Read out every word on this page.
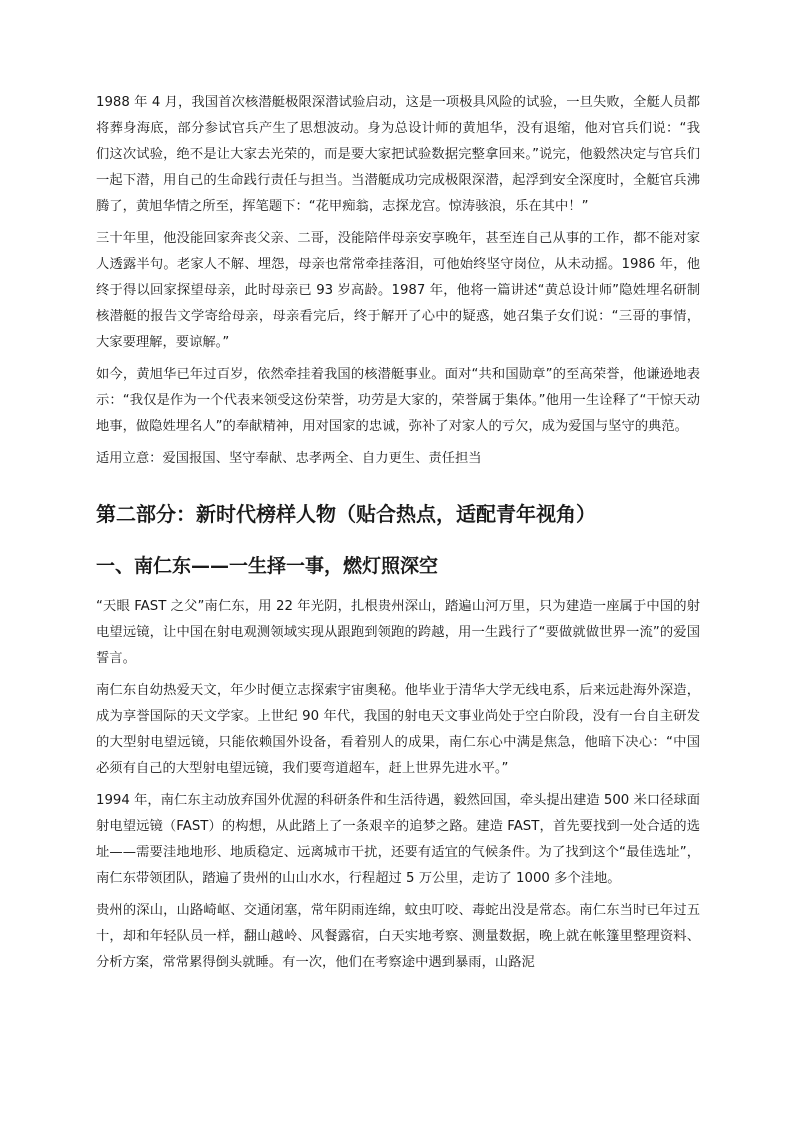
1988 年 4 月，我国首次核潜艇极限深潜试验启动，这是一项极具风险的试验，一旦失败，全艇人员都将葬身海底，部分参试官兵产生了思想波动。身为总设计师的黄旭华，没有退缩，他对官兵们说：“我们这次试验，绝不是让大家去光荣的，而是要大家把试验数据完整拿回来。”说完，他毅然决定与官兵们一起下潜，用自己的生命践行责任与担当。当潜艇成功完成极限深潜，起浮到安全深度时，全艇官兵沸腾了，黄旭华情之所至，挥笔题下：“花甲痴翁，志探龙宫。惊涛骇浪，乐在其中！”

三十年里，他没能回家奔丧父亲、二哥，没能陪伴母亲安享晚年，甚至连自己从事的工作，都不能对家人透露半句。老家人不解、埋怨，母亲也常常牵挂落泪，可他始终坚守岗位，从未动摇。1986 年，他终于得以回家探望母亲，此时母亲已 93 岁高龄。1987 年，他将一篇讲述“黄总设计师”隐姓埋名研制核潜艇的报告文学寄给母亲，母亲看完后，终于解开了心中的疑惑，她召集子女们说：“三哥的事情，大家要理解，要谅解。”

如今，黄旭华已年过百岁，依然牵挂着我国的核潜艇事业。面对“共和国勋章”的至高荣誉，他谦逊地表示：“我仅是作为一个代表来领受这份荣誉，功劳是大家的，荣誉属于集体。”他用一生诠释了“干惊天动地事，做隐姓埋名人”的奉献精神，用对国家的忠诚，弥补了对家人的亏欠，成为爱国与坚守的典范。

适用立意：爱国报国、坚守奉献、忠孝两全、自力更生、责任担当

第二部分：新时代榜样人物（贴合热点，适配青年视角）
一、南仁东——一生择一事，燃灯照深空

“天眼 FAST 之父”南仁东，用 22 年光阴，扎根贵州深山，踏遍山河万里，只为建造一座属于中国的射电望远镜，让中国在射电观测领域实现从跟跑到领跑的跨越，用一生践行了“要做就做世界一流”的爱国誓言。

南仁东自幼热爱天文，年少时便立志探索宇宙奥秘。他毕业于清华大学无线电系，后来远赴海外深造，成为享誉国际的天文学家。上世纪 90 年代，我国的射电天文事业尚处于空白阶段，没有一台自主研发的大型射电望远镜，只能依赖国外设备，看着别人的成果，南仁东心中满是焦急，他暗下决心：“中国必须有自己的大型射电望远镜，我们要弯道超车，赶上世界先进水平。”

1994 年，南仁东主动放弃国外优渥的科研条件和生活待遇，毅然回国，牵头提出建造 500 米口径球面射电望远镜（FAST）的构想，从此踏上了一条艰辛的追梦之路。建造 FAST，首先要找到一处合适的选址——需要洼地地形、地质稳定、远离城市干扰，还要有适宜的气候条件。为了找到这个“最佳选址”，南仁东带领团队，踏遍了贵州的山山水水，行程超过 5 万公里，走访了 1000 多个洼地。

贵州的深山，山路崎岖、交通闭塞，常年阴雨连绵，蚊虫叮咬、毒蛇出没是常态。南仁东当时已年过五十，却和年轻队员一样，翻山越岭、风餐露宿，白天实地考察、测量数据，晚上就在帐篷里整理资料、分析方案，常常累得倒头就睡。有一次，他们在考察途中遇到暴雨，山路泥
